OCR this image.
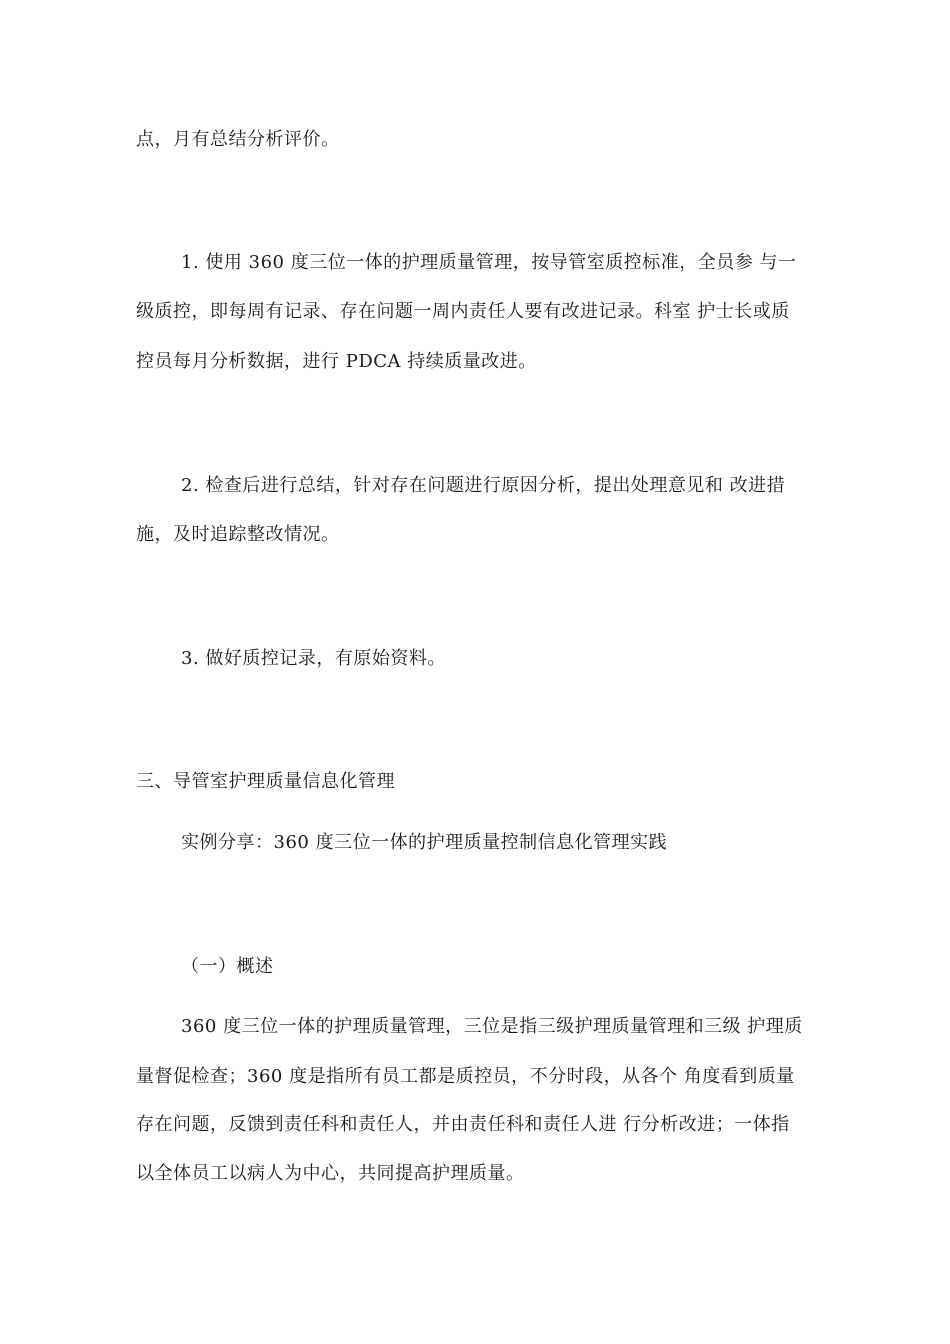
点，月有总结分析评价。
1. 使用 360 度三位一体的护理质量管理，按导管室质控标准，全员参 与一
级质控，即每周有记录、存在问题一周内责任人要有改进记录。科室 护士长或质
控员每月分析数据，进行 PDCA 持续质量改进。
2. 检查后进行总结，针对存在问题进行原因分析，提出处理意见和 改进措
施，及时追踪整改情况。
3. 做好质控记录，有原始资料。
三、导管室护理质量信息化管理
实例分享：360 度三位一体的护理质量控制信息化管理实践
（一）概述
360 度三位一体的护理质量管理，三位是指三级护理质量管理和三级 护理质
量督促检查；360 度是指所有员工都是质控员，不分时段，从各个 角度看到质量
存在问题，反馈到责任科和责任人，并由责任科和责任人进 行分析改进；一体指
以全体员工以病人为中心，共同提高护理质量。
